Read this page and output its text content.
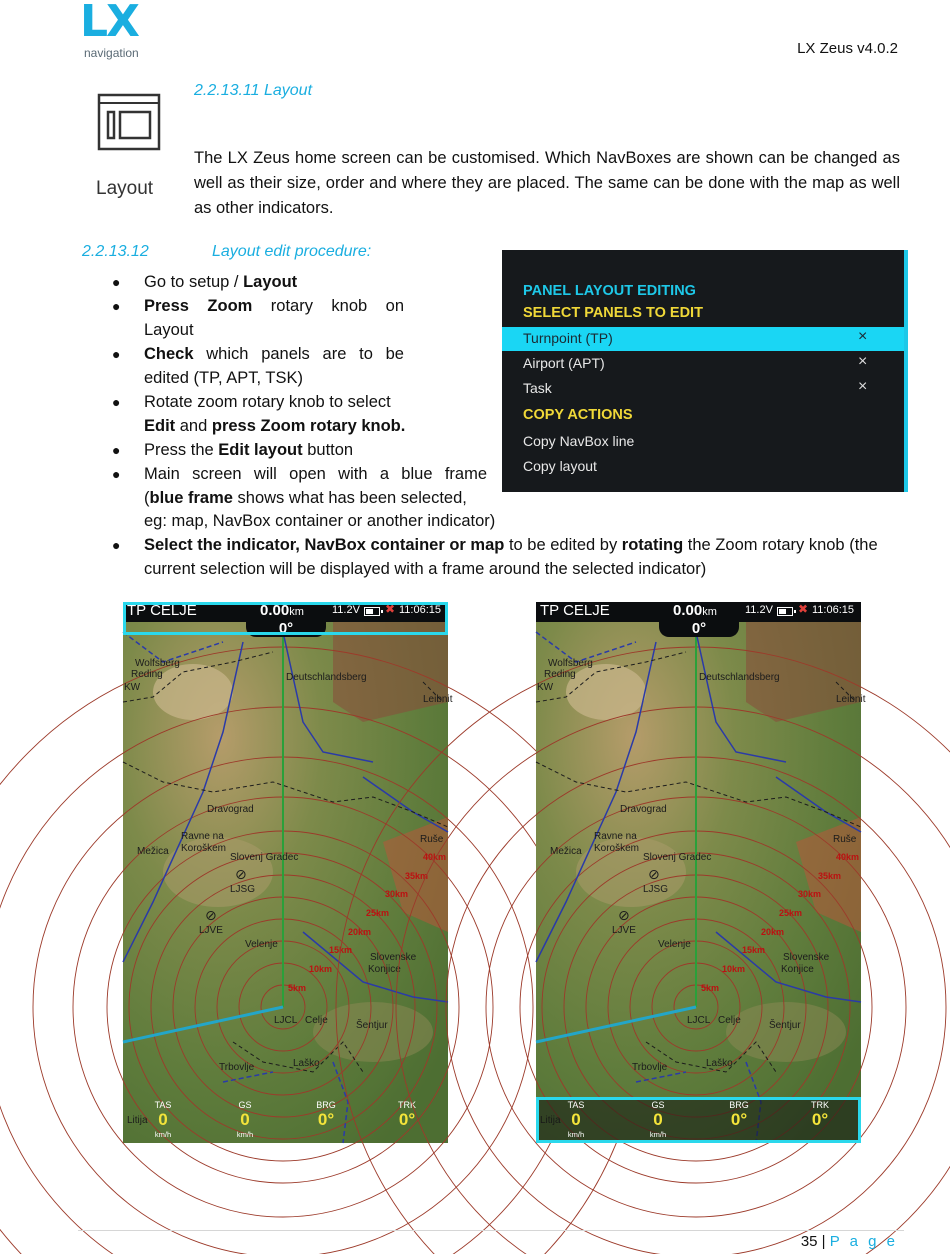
LX
navigation	LX Zeus v4.0.2
Layout
2.2.13.11 Layout
The LX Zeus home screen can be customised. Which NavBoxes are shown can be changed as well as their size, order and where they are placed. The same can be done with the map as well as other indicators.
2.2.13.12	Layout edit procedure:
● Go to setup / Layout
● Press Zoom rotary knob on
Layout
● Check which panels are to be
edited (TP, APT, TSK)
● Rotate zoom rotary knob to select
Edit and press Zoom rotary knob.
● Press the Edit layout button
● Main screen will open with a blue frame
(blue frame shows what has been selected,
eg: map, NavBox container or another indicator)
● Select the indicator, NavBox container or map to be edited by rotating the Zoom rotary knob (the
current selection will be displayed with a frame around the selected indicator)
PANEL LAYOUT EDITING
SELECT PANELS TO EDIT
Turnpoint (TP)	×
Airport (APT)	×
Task	×
COPY ACTIONS
Copy NavBox line
Copy layout
Wolfsberg
Reding
KW
Deutschlandsberg
Leibnit
Dravograd
Ravne na
Koroškem
Mežica
Slovenj Gradec
LJSG
LJVE
Velenje
Slovenske
Konjice
LJCL Celje	Šentjur
Trbovlje	Laško
Litija
Ruše
5km
10km
15km
20km
25km
30km
35km
40km
⊘
⊘
TP CELJE	0.00km	11.2V ✖ 11:06:15
0°
TAS
0
km/h
GS
0
km/h
BRG
0°
TRK
0°
Wolfsberg
Reding
KW
Deutschlandsberg
Leibnit
Dravograd
Ravne na
Koroškem
Mežica
Slovenj Gradec
LJSG
LJVE
Velenje
Slovenske
Konjice
LJCL Celje	Šentjur
Trbovlje	Laško
Ruše
5km
10km
15km
20km
25km
30km
35km
40km
⊘
⊘
TP CELJE	0.00km	11.2V ✖ 11:06:15
0°
TAS
0
km/h
GS
0
km/h
BRG
0°
TRK
0°
35 | P a g e
